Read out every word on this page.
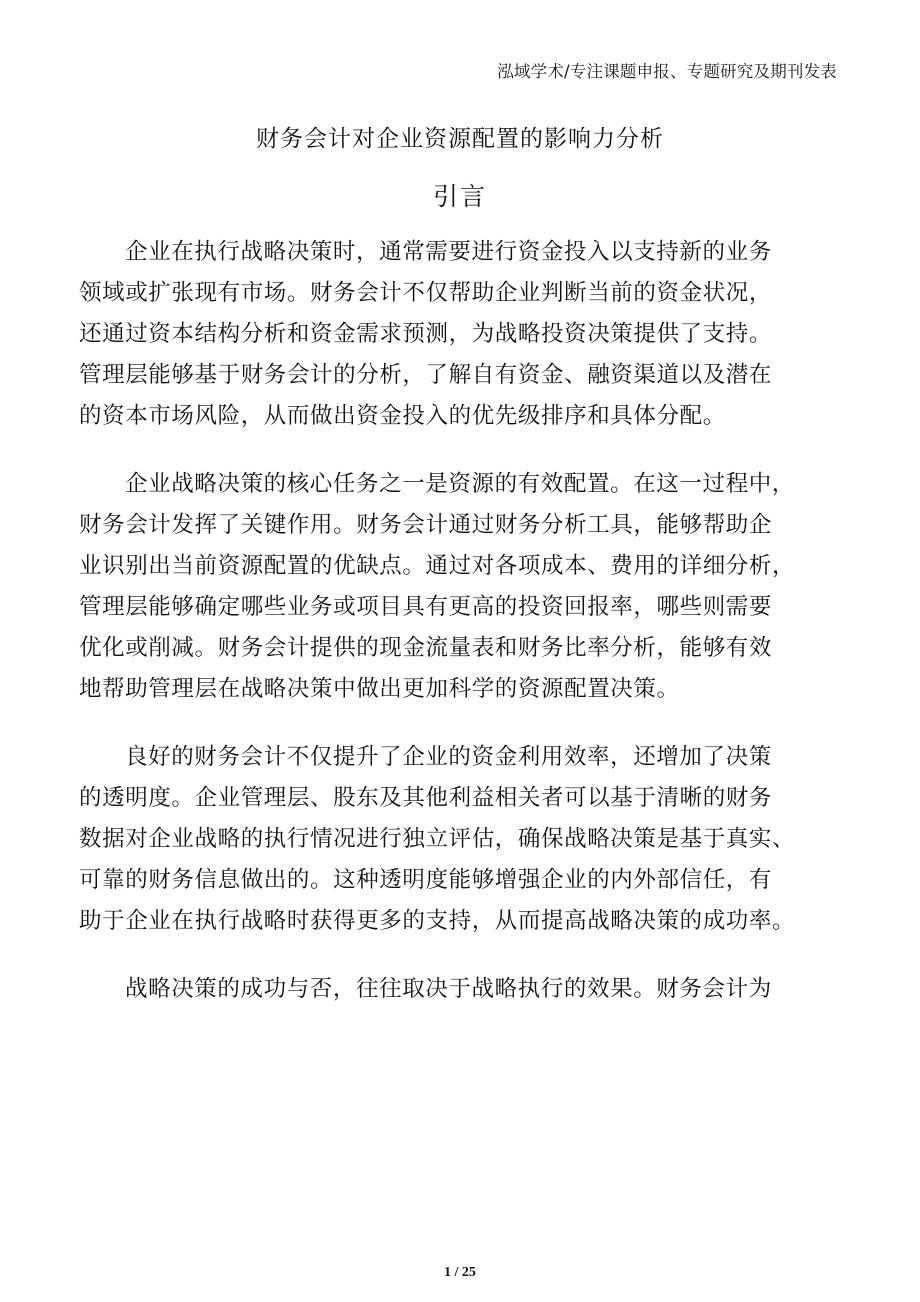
泓域学术/专注课题申报、专题研究及期刊发表
财务会计对企业资源配置的影响力分析
引言
企业在执行战略决策时，通常需要进行资金投入以支持新的业务
领域或扩张现有市场。财务会计不仅帮助企业判断当前的资金状况，
还通过资本结构分析和资金需求预测，为战略投资决策提供了支持。
管理层能够基于财务会计的分析，了解自有资金、融资渠道以及潜在
的资本市场风险，从而做出资金投入的优先级排序和具体分配。
企业战略决策的核心任务之一是资源的有效配置。在这一过程中，
财务会计发挥了关键作用。财务会计通过财务分析工具，能够帮助企
业识别出当前资源配置的优缺点。通过对各项成本、费用的详细分析，
管理层能够确定哪些业务或项目具有更高的投资回报率，哪些则需要
优化或削减。财务会计提供的现金流量表和财务比率分析，能够有效
地帮助管理层在战略决策中做出更加科学的资源配置决策。
良好的财务会计不仅提升了企业的资金利用效率，还增加了决策
的透明度。企业管理层、股东及其他利益相关者可以基于清晰的财务
数据对企业战略的执行情况进行独立评估，确保战略决策是基于真实、
可靠的财务信息做出的。这种透明度能够增强企业的内外部信任，有
助于企业在执行战略时获得更多的支持，从而提高战略决策的成功率。
战略决策的成功与否，往往取决于战略执行的效果。财务会计为
1 / 25
